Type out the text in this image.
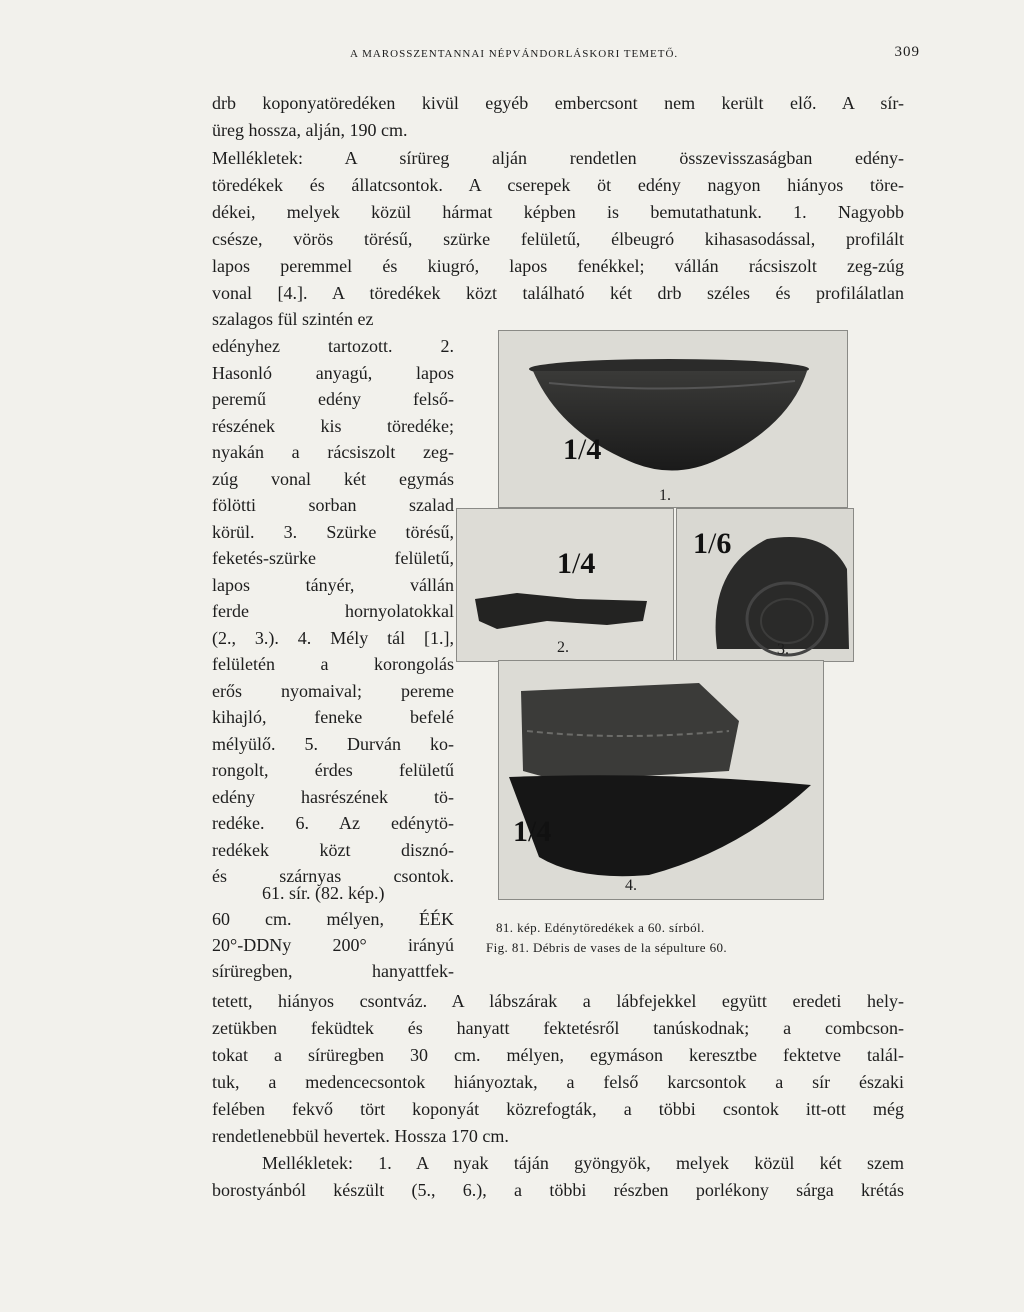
A MAROSSZENTANNAI NÉPVÁNDORLÁSKORI TEMETŐ.	309
drb koponyatöredéken kivül egyéb embercsont nem került elő. A sír-
üreg hossza, alján, 190 cm.
Mellékletek: A sírüreg alján rendetlen összevisszaságban edény-
töredékek és állatcsontok. A cserepek öt edény nagyon hiányos töre-
dékei, melyek közül hármat képben is bemutathatunk. 1. Nagyobb
csésze, vörös törésű, szürke felületű, élbeugró kihasasodással, profilált
lapos peremmel és kiugró, lapos fenékkel; vállán rácsiszolt zeg-zúg
vonal [4.]. A töredékek közt található két drb széles és profilálatlan
szalagos fül szintén ez
edényhez tartozott. 2.
Hasonló anyagú, lapos
peremű edény felső-
részének kis töredéke;
nyakán a rácsiszolt zeg-
zúg vonal két egymás
fölötti sorban szalad
körül. 3. Szürke törésű,
feketés-szürke felületű,
lapos tányér, vállán
ferde hornyolatokkal
(2., 3.). 4. Mély tál [1.],
felületén a korongolás
erős nyomaival; pereme
kihajló, feneke befelé
mélyülő. 5. Durván ko-
rongolt, érdes felületű
edény hasrészének tö-
redéke. 6. Az edénytö-
redékek közt disznó-
és szárnyas csontok.
61. sír. (82. kép.)
60 cm. mélyen, ÉÉK
20°-DDNy 200° irányú
sírüregben, hanyattfek-
tetett, hiányos csontváz. A lábszárak a lábfejekkel együtt eredeti hely-
zetükben feküdtek és hanyatt fektetésről tanúskodnak; a combcson-
tokat a sírüregben 30 cm. mélyen, egymáson keresztbe fektetve talál-
tuk, a medencecsontok hiányoztak, a felső karcsontok a sír északi
felében fekvő tört koponyát közrefogták, a többi csontok itt-ott még
rendetlenebbül hevertek. Hossza 170 cm.
Mellékletek: 1. A nyak táján gyöngyök, melyek közül két szem
borostyánból készült (5., 6.), a többi részben porlékony sárga krétás
1/4
1.
1/4
2.
1/6
3.
1/4
4.
81. kép. Edénytöredékek a 60. sírból.
Fig. 81. Débris de vases de la sépulture 60.
